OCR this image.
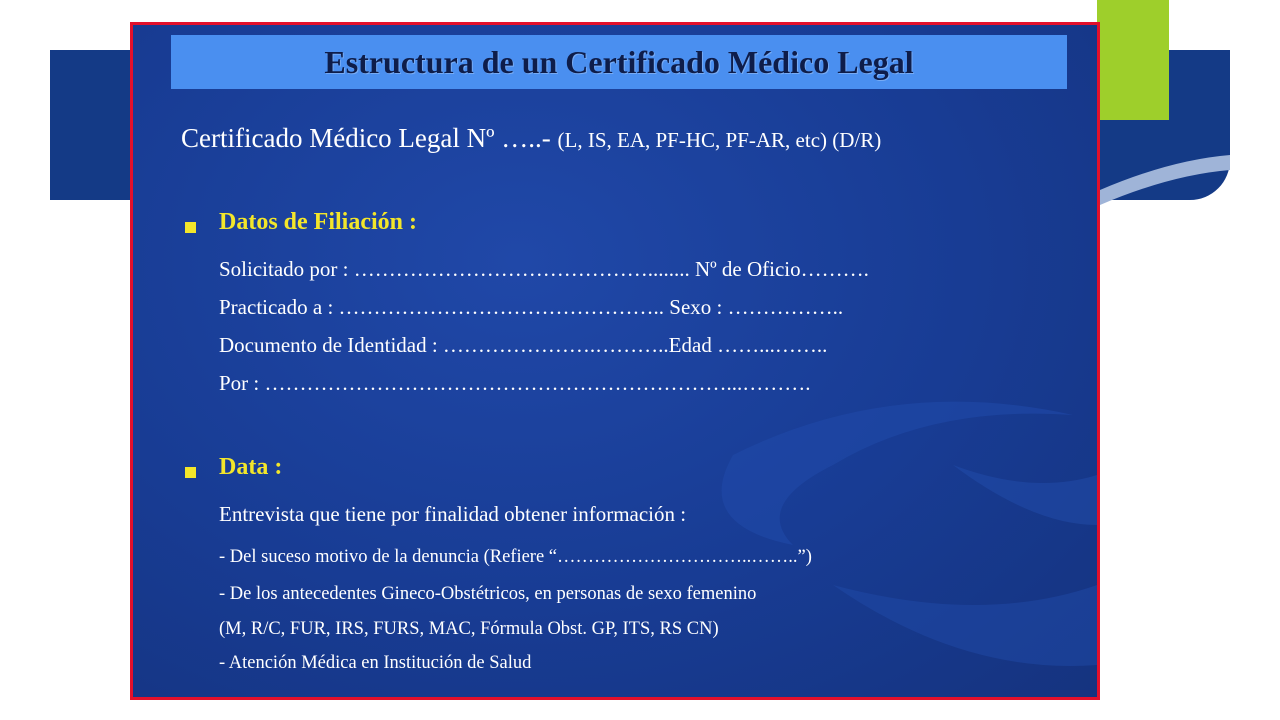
Estructura de un Certificado Médico Legal
Certificado Médico Legal Nº …..- (L, IS, EA, PF-HC, PF-AR, etc) (D/R)
Datos de Filiación :
Solicitado por : ……………………………………........ Nº de Oficio……….
Practicado a : ……………………………………….. Sexo : ……………..
Documento de Identidad : ………………….………..Edad ……...……..
Por : …………………………………………………………...……….
Data :
Entrevista que tiene por finalidad obtener información :
- Del suceso motivo de la denuncia (Refiere “…………………………..……..”)
- De los antecedentes Gineco-Obstétricos, en personas de sexo femenino
(M, R/C, FUR, IRS, FURS, MAC, Fórmula Obst. GP, ITS, RS CN)
- Atención Médica en Institución de Salud
